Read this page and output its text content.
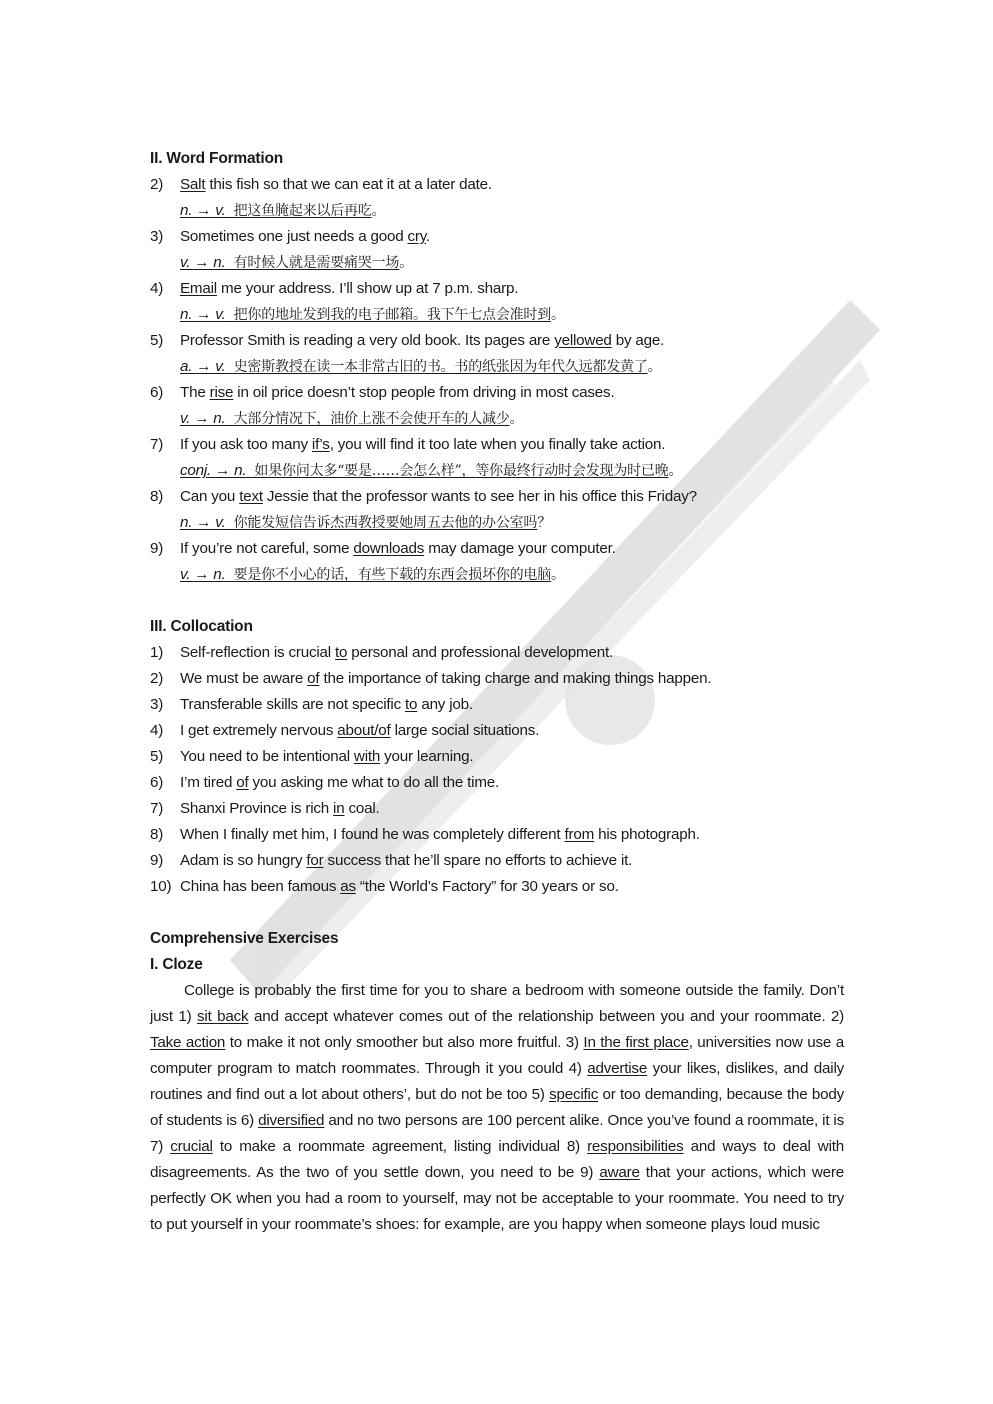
II. Word Formation
2) Salt this fish so that we can eat it at a later date.
n. → v. 把这鱼腌起来以后再吃。
3) Sometimes one just needs a good cry.
v. → n. 有时候人就是需要痛哭一场。
4) Email me your address. I’ll show up at 7 p.m. sharp.
n. → v. 把你的地址发到我的电子邮箱。我下午七点会准时到。
5) Professor Smith is reading a very old book. Its pages are yellowed by age.
a. → v. 史密斯教授在读一本非常古旧的书。书的纸张因为年代久远都发黄了。
6) The rise in oil price doesn’t stop people from driving in most cases.
v. → n. 大部分情况下，油价上涨不会使开车的人减少。
7) If you ask too many if’s, you will find it too late when you finally take action.
conj. → n. 如果你问太多“要是……会怎么样”，等你最终行动时会发现为时已晚。
8) Can you text Jessie that the professor wants to see her in his office this Friday?
n. → v. 你能发短信告诉杰西教授要她周五去他的办公室吗？
9) If you’re not careful, some downloads may damage your computer.
v. → n. 要是你不小心的话，有些下载的东西会损坏你的电脑。
III. Collocation
1) Self-reflection is crucial to personal and professional development.
2) We must be aware of the importance of taking charge and making things happen.
3) Transferable skills are not specific to any job.
4) I get extremely nervous about/of large social situations.
5) You need to be intentional with your learning.
6) I’m tired of you asking me what to do all the time.
7) Shanxi Province is rich in coal.
8) When I finally met him, I found he was completely different from his photograph.
9) Adam is so hungry for success that he’ll spare no efforts to achieve it.
10) China has been famous as “the World’s Factory” for 30 years or so.
Comprehensive Exercises
I. Cloze
College is probably the first time for you to share a bedroom with someone outside the family. Don’t just 1) sit back and accept whatever comes out of the relationship between you and your roommate. 2) Take action to make it not only smoother but also more fruitful. 3) In the first place, universities now use a computer program to match roommates. Through it you could 4) advertise your likes, dislikes, and daily routines and find out a lot about others’, but do not be too 5) specific or too demanding, because the body of students is 6) diversified and no two persons are 100 percent alike. Once you’ve found a roommate, it is 7) crucial to make a roommate agreement, listing individual 8) responsibilities and ways to deal with disagreements. As the two of you settle down, you need to be 9) aware that your actions, which were perfectly OK when you had a room to yourself, may not be acceptable to your roommate. You need to try to put yourself in your roommate’s shoes: for example, are you happy when someone plays loud music
